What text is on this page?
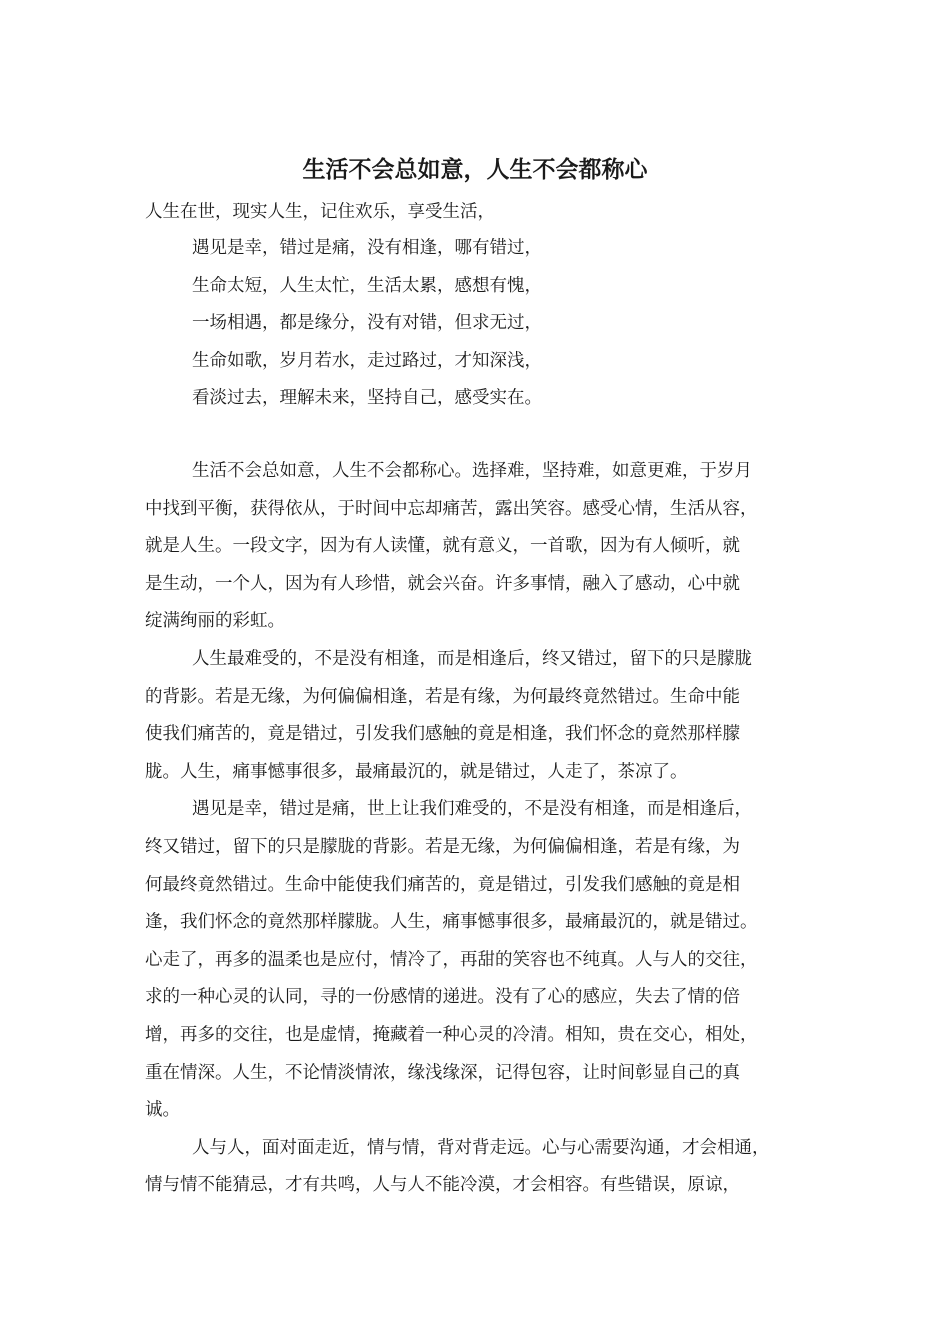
生活不会总如意，人生不会都称心

人生在世，现实人生，记住欢乐，享受生活，

遇见是幸，错过是痛，没有相逢，哪有错过，
生命太短，人生太忙，生活太累，感想有愧，
一场相遇，都是缘分，没有对错，但求无过，
生命如歌，岁月若水，走过路过，才知深浅，
看淡过去，理解未来，坚持自己，感受实在。
生活不会总如意，人生不会都称心。选择难，坚持难，如意更难，于岁月
中找到平衡，获得依从，于时间中忘却痛苦，露出笑容。感受心情，生活从容，
就是人生。一段文字，因为有人读懂，就有意义，一首歌，因为有人倾听，就
是生动，一个人，因为有人珍惜，就会兴奋。许多事情，融入了感动，心中就
绽满绚丽的彩虹。
人生最难受的，不是没有相逢，而是相逢后，终又错过，留下的只是朦胧
的背影。若是无缘，为何偏偏相逢，若是有缘，为何最终竟然错过。生命中能
使我们痛苦的，竟是错过，引发我们感触的竟是相逢，我们怀念的竟然那样朦
胧。人生，痛事憾事很多，最痛最沉的，就是错过，人走了，茶凉了。
遇见是幸，错过是痛，世上让我们难受的，不是没有相逢，而是相逢后，
终又错过，留下的只是朦胧的背影。若是无缘，为何偏偏相逢，若是有缘，为
何最终竟然错过。生命中能使我们痛苦的，竟是错过，引发我们感触的竟是相
逢，我们怀念的竟然那样朦胧。人生，痛事憾事很多，最痛最沉的，就是错过。
心走了，再多的温柔也是应付，情冷了，再甜的笑容也不纯真。人与人的交往，
求的一种心灵的认同，寻的一份感情的递进。没有了心的感应，失去了情的倍
增，再多的交往，也是虚情，掩藏着一种心灵的冷清。相知，贵在交心，相处，
重在情深。人生，不论情淡情浓，缘浅缘深，记得包容，让时间彰显自己的真
诚。
人与人，面对面走近，情与情，背对背走远。心与心需要沟通，才会相通，
情与情不能猜忌，才有共鸣，人与人不能冷漠，才会相容。有些错误，原谅，
